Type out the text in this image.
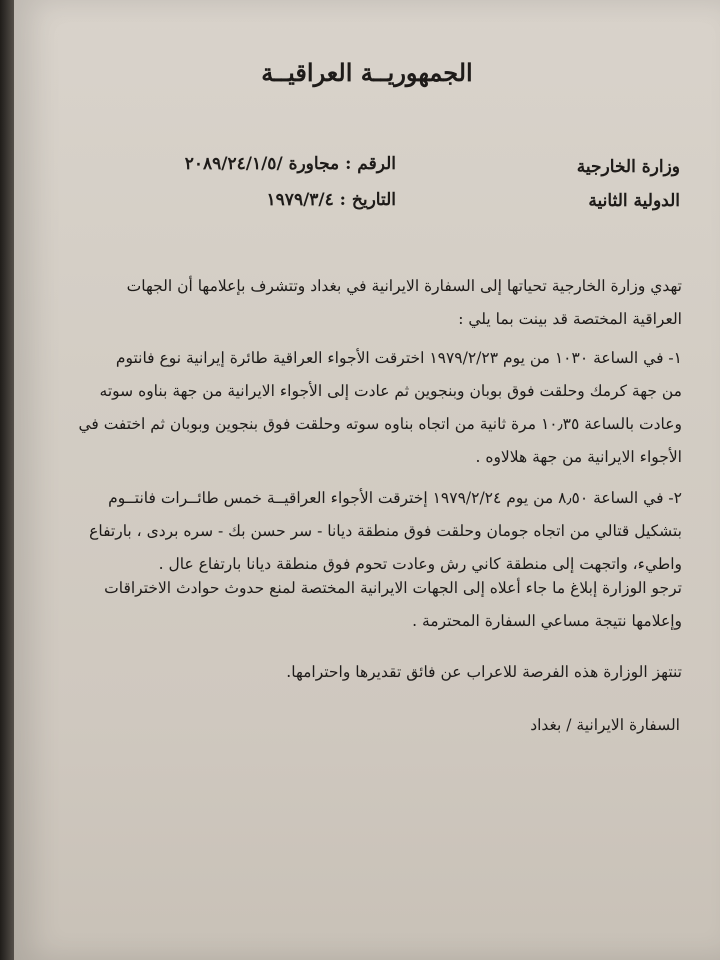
الجمهوريــة العراقيــة
وزارة الخارجية
الدولية الثانية
الرقم : مجاورة /٢٠٨٩/٢٤/١/٥
التاريخ : ١٩٧٩/٣/٤
تهدي وزارة الخارجية تحياتها إلى السفارة الايرانية في بغداد وتتشرف بإعلامها أن الجهات
العراقية المختصة قد بينت بما يلي :
١- في الساعة ١٠٣٠ من يوم ١٩٧٩/٢/٢٣ اخترقت الأجواء العراقية طائرة إيرانية نوع فانتوم
من جهة كرمك وحلقت فوق بوبان وبنجوين ثم عادت إلى الأجواء الايرانية من جهة بناوه سوته
وعادت بالساعة ١٠٫٣٥ مرة ثانية من اتجاه بناوه سوته وحلقت فوق بنجوين وبوبان ثم اختفت في
الأجواء الايرانية من جهة هلالاوه .
٢- في الساعة ٨٫٥٠ من يوم ١٩٧٩/٢/٢٤ إخترقت الأجواء العراقيــة خمس طائــرات فانتــوم
بتشكيل قتالي من اتجاه جومان وحلقت فوق منطقة ديانا - سر حسن بك - سره بردى ، بارتفاع
واطيء، واتجهت إلى منطقة كاني رش وعادت تحوم فوق منطقة ديانا بارتفاع عال .
ترجو الوزارة إبلاغ ما جاء أعلاه إلى الجهات الايرانية المختصة لمنع حدوث حوادث الاختراقات
وإعلامها نتيجة مساعي السفارة المحترمة .
تنتهز الوزارة هذه الفرصة للاعراب عن فائق تقديرها واحترامها.
السفارة الايرانية / بغداد
